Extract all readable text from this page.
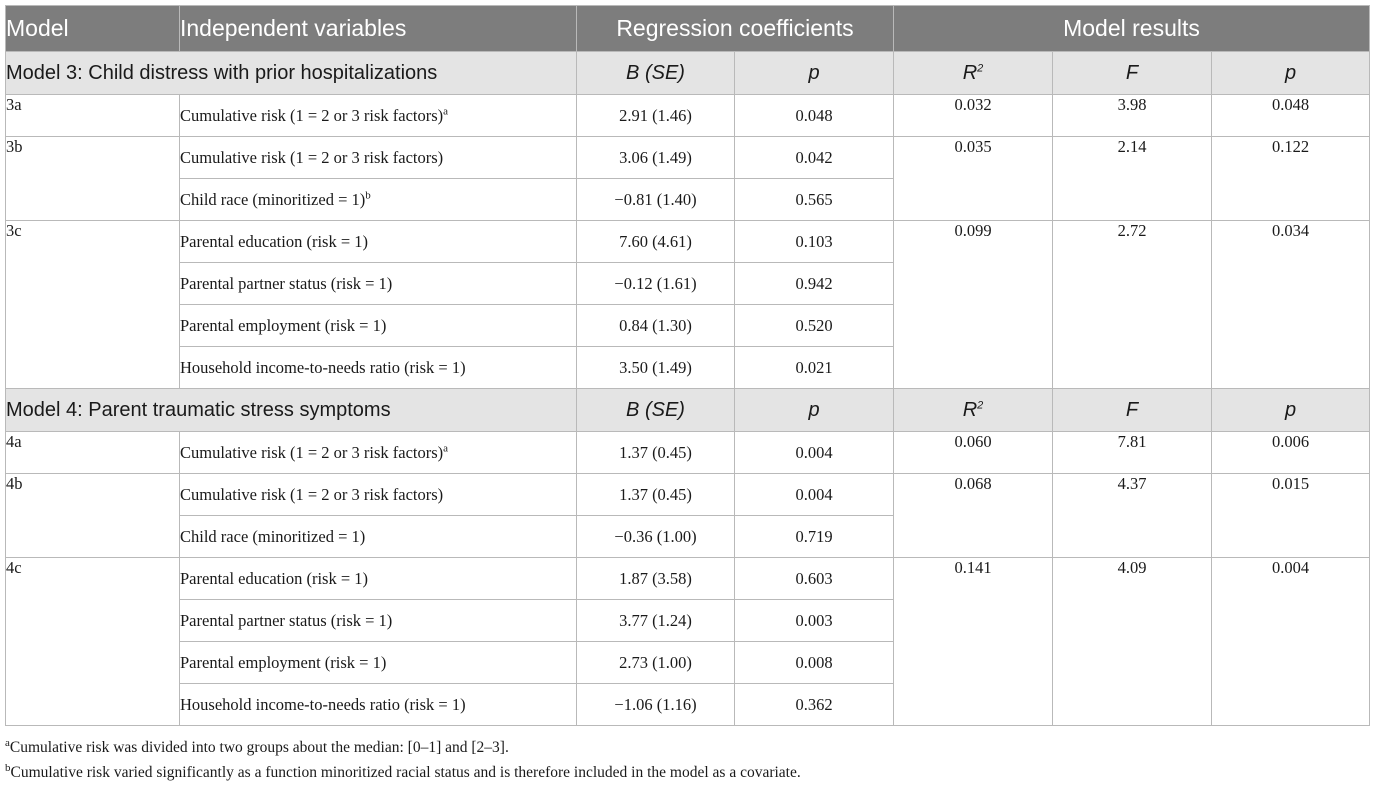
Model	Independent variables	Regression coefficients		Model results		
Model 3: Child distress with prior hospitalizations		B (SE)	p	$R^2$	F	p
3a	Cumulative risk (1 = 2 or 3 risk factors)$^a$	2.91 (1.46)	0.048	0.032	3.98	0.048
3b	Cumulative risk (1 = 2 or 3 risk factors)	3.06 (1.49)	0.042	0.035	2.14	0.122
	Child race (minoritized = 1)$^b$	−0.81 (1.40)	0.565			
3c	Parental education (risk = 1)	7.60 (4.61)	0.103	0.099	2.72	0.034
	Parental partner status (risk = 1)	−0.12 (1.61)	0.942			
	Parental employment (risk = 1)	0.84 (1.30)	0.520			
	Household income-to-needs ratio (risk = 1)	3.50 (1.49)	0.021			
Model 4: Parent traumatic stress symptoms		B (SE)	p	$R^2$	F	p
4a	Cumulative risk (1 = 2 or 3 risk factors)$^a$	1.37 (0.45)	0.004	0.060	7.81	0.006
4b	Cumulative risk (1 = 2 or 3 risk factors)	1.37 (0.45)	0.004	0.068	4.37	0.015
	Child race (minoritized = 1)	−0.36 (1.00)	0.719			
4c	Parental education (risk = 1)	1.87 (3.58)	0.603	0.141	4.09	0.004
	Parental partner status (risk = 1)	3.77 (1.24)	0.003			
	Parental employment (risk = 1)	2.73 (1.00)	0.008			
	Household income-to-needs ratio (risk = 1)	−1.06 (1.16)	0.362			
$^a$Cumulative risk was divided into two groups about the median: [0–1] and [2–3].
$^b$Cumulative risk varied significantly as a function minoritized racial status and is therefore included in the model as a covariate.
